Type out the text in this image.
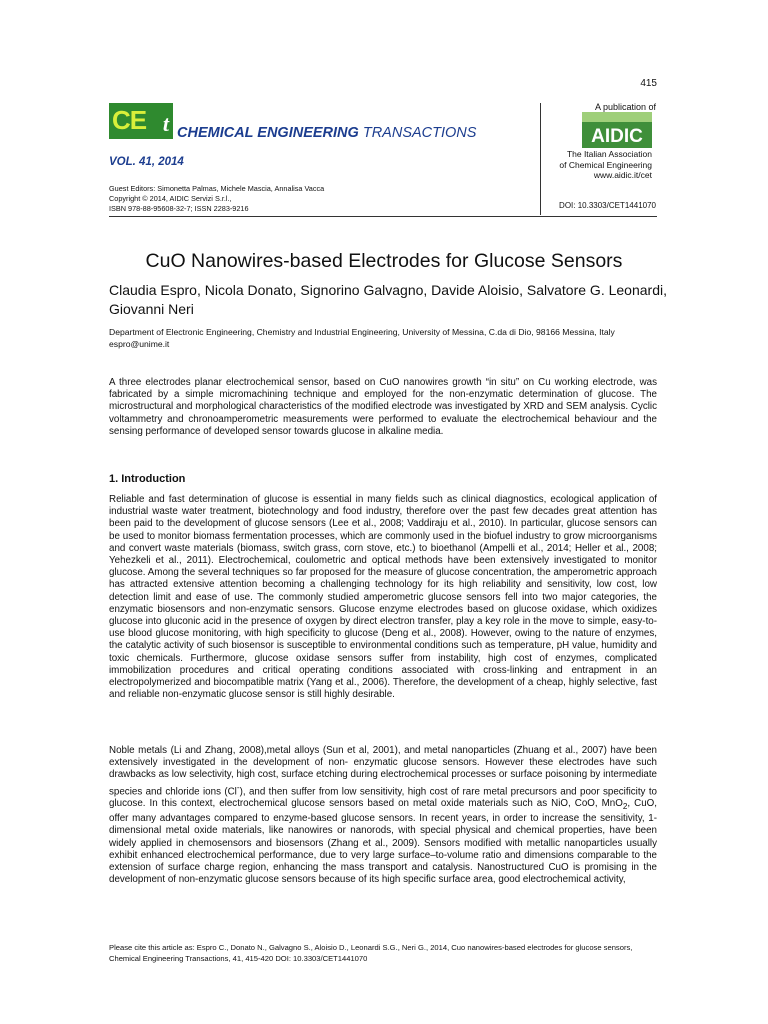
415
CE t CHEMICAL ENGINEERING TRANSACTIONS
VOL. 41, 2014
A publication of
AIDIC
The Italian Association
of Chemical Engineering
www.aidic.it/cet
Guest Editors: Simonetta Palmas, Michele Mascia, Annalisa Vacca
Copyright © 2014, AIDIC Servizi S.r.l.,
ISBN 978-88-95608-32-7; ISSN 2283-9216	DOI: 10.3303/CET1441070
CuO Nanowires-based Electrodes for Glucose Sensors
Claudia Espro, Nicola Donato, Signorino Galvagno, Davide Aloisio, Salvatore G. Leonardi, Giovanni Neri
Department of Electronic Engineering, Chemistry and Industrial Engineering, University of Messina, C.da di Dio, 98166 Messina, Italy
espro@unime.it
A three electrodes planar electrochemical sensor, based on CuO nanowires growth “in situ” on Cu working electrode, was fabricated by a simple micromachining technique and employed for the non-enzymatic determination of glucose. The microstructural and morphological characteristics of the modified electrode was investigated by XRD and SEM analysis. Cyclic voltammetry and chronoamperometric measurements were performed to evaluate the electrochemical behaviour and the sensing performance of developed sensor towards glucose in alkaline media.
1. Introduction
Reliable and fast determination of glucose is essential in many fields such as clinical diagnostics, ecological application of industrial waste water treatment, biotechnology and food industry, therefore over the past few decades great attention has been paid to the development of glucose sensors (Lee et al., 2008; Vaddiraju et al., 2010). In particular, glucose sensors can be used to monitor biomass fermentation processes, which are commonly used in the biofuel industry to grow microorganisms and convert waste materials (biomass, switch grass, corn stove, etc.) to bioethanol (Ampelli et al., 2014; Heller et al., 2008; Yehezkeli et al., 2011). Electrochemical, coulometric and optical methods have been extensively investigated to monitor glucose. Among the several techniques so far proposed for the measure of glucose concentration, the amperometric approach has attracted extensive attention becoming a challenging technology for its high reliability and sensitivity, low cost, low detection limit and ease of use. The commonly studied amperometric glucose sensors fell into two major categories, the enzymatic biosensors and non-enzymatic sensors. Glucose enzyme electrodes based on glucose oxidase, which oxidizes glucose into gluconic acid in the presence of oxygen by direct electron transfer, play a key role in the move to simple, easy-to-use blood glucose monitoring, with high specificity to glucose (Deng et al., 2008). However, owing to the nature of enzymes, the catalytic activity of such biosensor is susceptible to environmental conditions such as temperature, pH value, humidity and toxic chemicals. Furthermore, glucose oxidase sensors suffer from instability, high cost of enzymes, complicated immobilization procedures and critical operating conditions associated with cross-linking and entrapment in an electropolymerized and biocompatible matrix (Yang et al., 2006). Therefore, the development of a cheap, highly selective, fast and reliable non-enzymatic glucose sensor is still highly desirable.
Noble metals (Li and Zhang, 2008),metal alloys (Sun et al, 2001), and metal nanoparticles (Zhuang et al., 2007) have been extensively investigated in the development of non- enzymatic glucose sensors. However these electrodes have such drawbacks as low selectivity, high cost, surface etching during electrochemical processes or surface poisoning by intermediate species and chloride ions (Cl-), and then suffer from low sensitivity, high cost of rare metal precursors and poor specificity to glucose. In this context, electrochemical glucose sensors based on metal oxide materials such as NiO, CoO, MnO$_2$, CuO, offer many advantages compared to enzyme-based glucose sensors. In recent years, in order to increase the sensitivity, 1-dimensional metal oxide materials, like nanowires or nanorods, with special physical and chemical properties, have been widely applied in chemosensors and biosensors (Zhang et al., 2009). Sensors modified with metallic nanoparticles usually exhibit enhanced electrochemical performance, due to very large surface–to-volume ratio and dimensions comparable to the extension of surface charge region, enhancing the mass transport and catalysis. Nanostructured CuO is promising in the development of non-enzymatic glucose sensors because of its high specific surface area, good electrochemical activity,
Please cite this article as: Espro C., Donato N., Galvagno S., Aloisio D., Leonardi S.G., Neri G., 2014, Cuo nanowires-based electrodes for glucose sensors, Chemical Engineering Transactions, 41, 415-420 DOI: 10.3303/CET1441070
